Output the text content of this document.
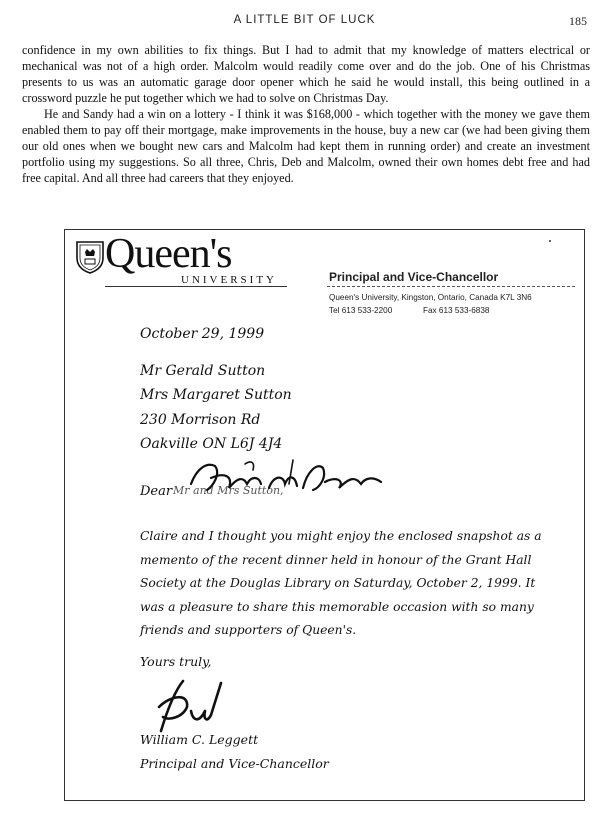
A LITTLE BIT OF LUCK	185

confidence in my own abilities to fix things. But I had to admit that my knowledge of matters electrical or mechanical was not of a high order. Malcolm would readily come over and do the job. One of his Christmas presents to us was an automatic garage door opener which he said he would install, this being outlined in a crossword puzzle he put together which we had to solve on Christmas Day.

He and Sandy had a win on a lottery - I think it was $168,000 - which together with the money we gave them enabled them to pay off their mortgage, make improvements in the house, buy a new car (we had been giving them our old ones when we bought new cars and Malcolm had kept them in running order) and create an investment portfolio using my suggestions. So all three, Chris, Deb and Malcolm, owned their own homes debt free and had free capital. And all three had careers that they enjoyed.

Queen's
UNIVERSITY	Principal and Vice-Chancellor
Queen's University, Kingston, Ontario, Canada K7L 3N6
Tel 613 533-2200	Fax 613 533-6838
October 29, 1999
Mr Gerald Sutton
Mrs Margaret Sutton
230 Morrison Rd
Oakville ON L6J 4J4
Dear Mr and Mrs Sutton,
Claire and I thought you might enjoy the enclosed snapshot as a memento of the recent dinner held in honour of the Grant Hall Society at the Douglas Library on Saturday, October 2, 1999. It was a pleasure to share this memorable occasion with so many friends and supporters of Queen's.
Yours truly,
William C. Leggett
Principal and Vice-Chancellor
